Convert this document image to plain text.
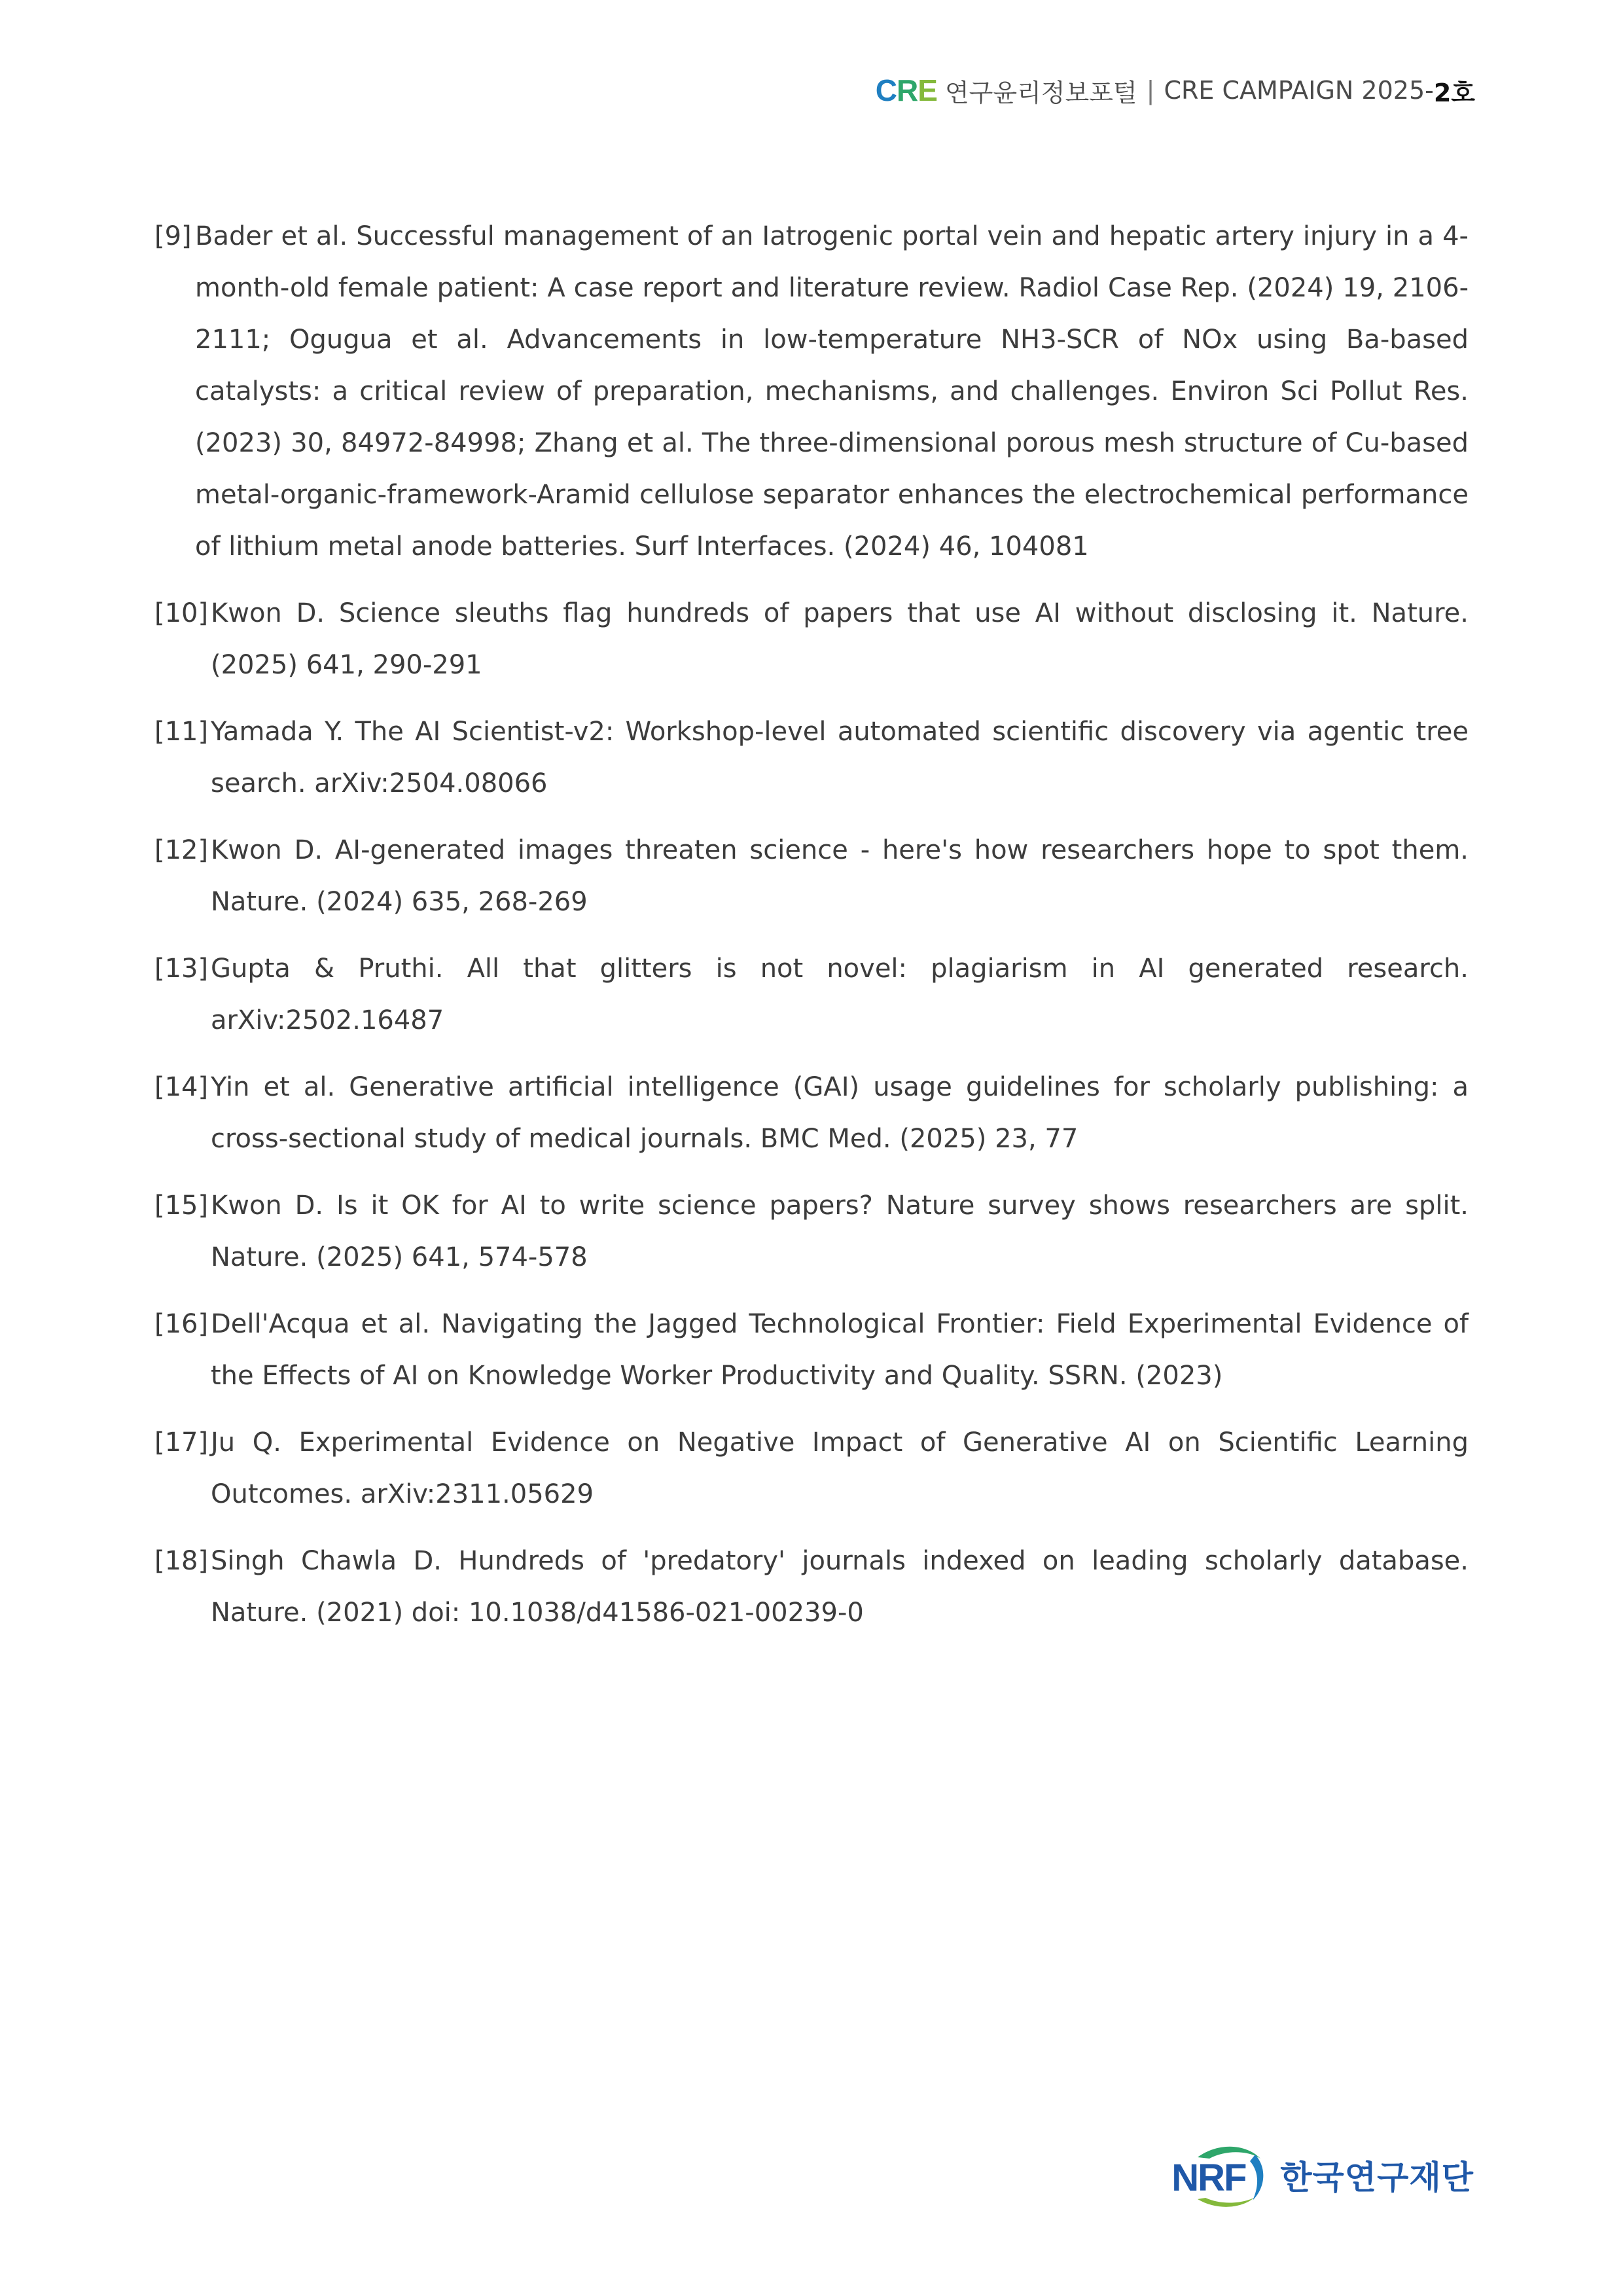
C R E 연구윤리정보포털 | CRE CAMPAIGN 2025- 2호
[9] Bader et al. Successful management of an Iatrogenic portal vein and hepatic artery injury in a 4-month-old female patient: A case report and literature review. Radiol Case Rep. (2024) 19, 2106-2111; Ogugua et al. Advancements in low-temperature NH3-SCR of NOx using Ba-based catalysts: a critical review of preparation, mechanisms, and challenges. Environ Sci Pollut Res. (2023) 30, 84972-84998; Zhang et al. The three-dimensional porous mesh structure of Cu-based metal-organic-framework-Aramid cellulose separator enhances the electrochemical performance of lithium metal anode batteries. Surf Interfaces. (2024) 46, 104081
[10] Kwon D. Science sleuths flag hundreds of papers that use AI without disclosing it. Nature. (2025) 641, 290-291
[11] Yamada Y. The AI Scientist-v2: Workshop-level automated scientific discovery via agentic tree search. arXiv:2504.08066
[12] Kwon D. AI-generated images threaten science - here's how researchers hope to spot them. Nature. (2024) 635, 268-269
[13] Gupta & Pruthi. All that glitters is not novel: plagiarism in AI generated research. arXiv:2502.16487
[14] Yin et al. Generative artificial intelligence (GAI) usage guidelines for scholarly publishing: a cross-sectional study of medical journals. BMC Med. (2025) 23, 77
[15] Kwon D. Is it OK for AI to write science papers? Nature survey shows researchers are split. Nature. (2025) 641, 574-578
[16] Dell'Acqua et al. Navigating the Jagged Technological Frontier: Field Experimental Evidence of the Effects of AI on Knowledge Worker Productivity and Quality. SSRN. (2023)
[17] Ju Q. Experimental Evidence on Negative Impact of Generative AI on Scientific Learning Outcomes. arXiv:2311.05629
[18] Singh Chawla D. Hundreds of 'predatory' journals indexed on leading scholarly database. Nature. (2021) doi: 10.1038/d41586-021-00239-0
NRF 한국연구재단
